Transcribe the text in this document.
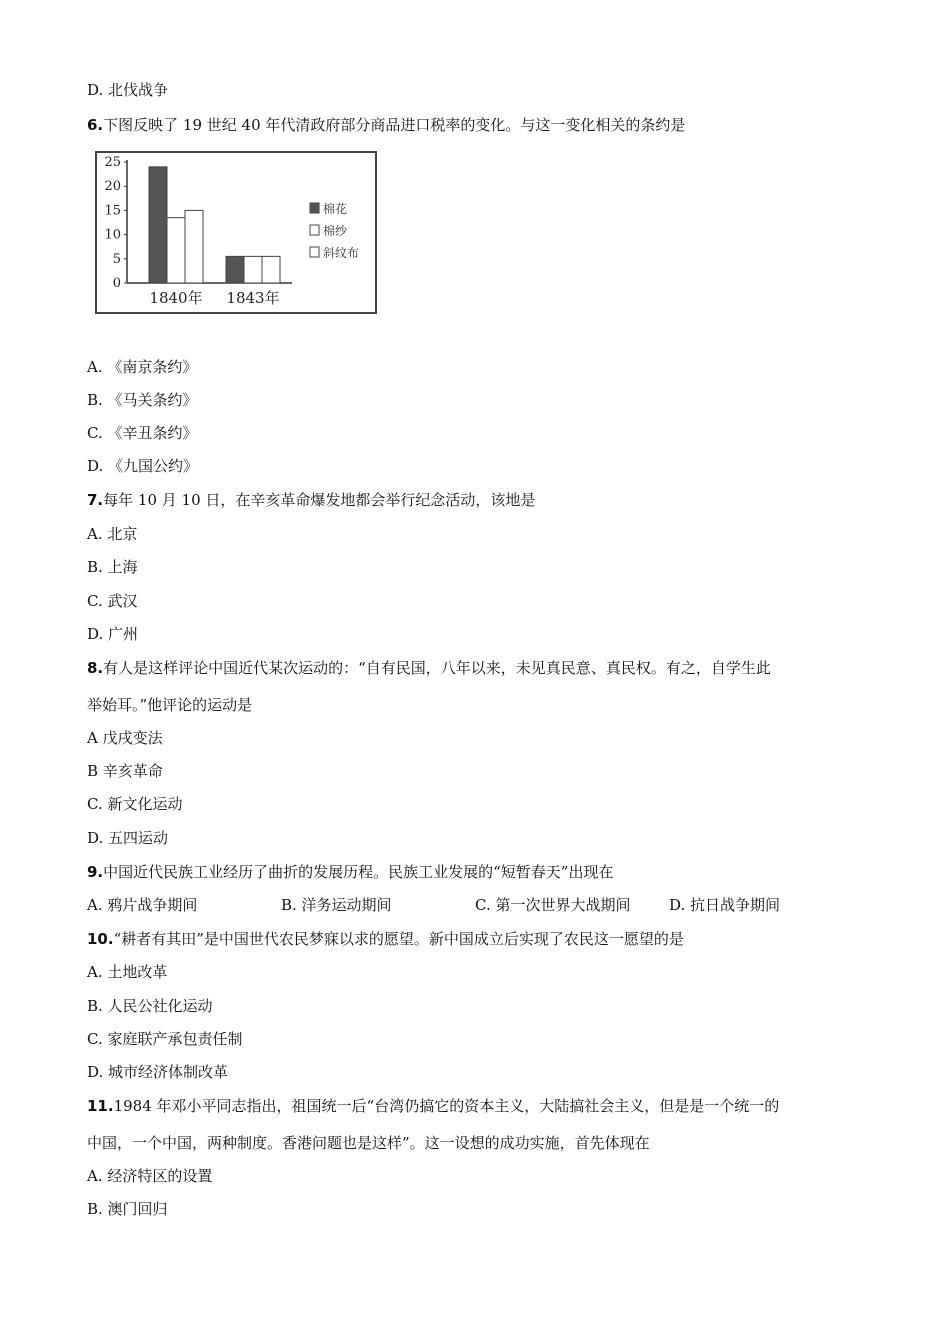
D. 北伐战争
6.下图反映了 19 世纪 40 年代清政府部分商品进口税率的变化。与这一变化相关的条约是
0
5
10
15
20
25
1840年 1843年
棉花
棉纱
斜纹布
A. 《南京条约》
B. 《马关条约》
C. 《辛丑条约》
D. 《九国公约》
7.每年 10 月 10 日，在辛亥革命爆发地都会举行纪念活动，该地是
A. 北京
B. 上海
C. 武汉
D. 广州
8.有人是这样评论中国近代某次运动的：“自有民国，八年以来，未见真民意、真民权。有之，自学生此
举始耳。”他评论的运动是
A 戊戌变法
B 辛亥革命
C. 新文化运动
D. 五四运动
9.中国近代民族工业经历了曲折的发展历程。民族工业发展的“短暂春天”出现在
A. 鸦片战争期间	B. 洋务运动期间	C. 第一次世界大战期间	D. 抗日战争期间
10.“耕者有其田”是中国世代农民梦寐以求的愿望。新中国成立后实现了农民这一愿望的是
A. 土地改革
B. 人民公社化运动
C. 家庭联产承包责任制
D. 城市经济体制改革
11.1984 年邓小平同志指出，祖国统一后“台湾仍搞它的资本主义，大陆搞社会主义，但是是一个统一的
中国，一个中国，两种制度。香港问题也是这样”。这一设想的成功实施，首先体现在
A. 经济特区的设置
B. 澳门回归
